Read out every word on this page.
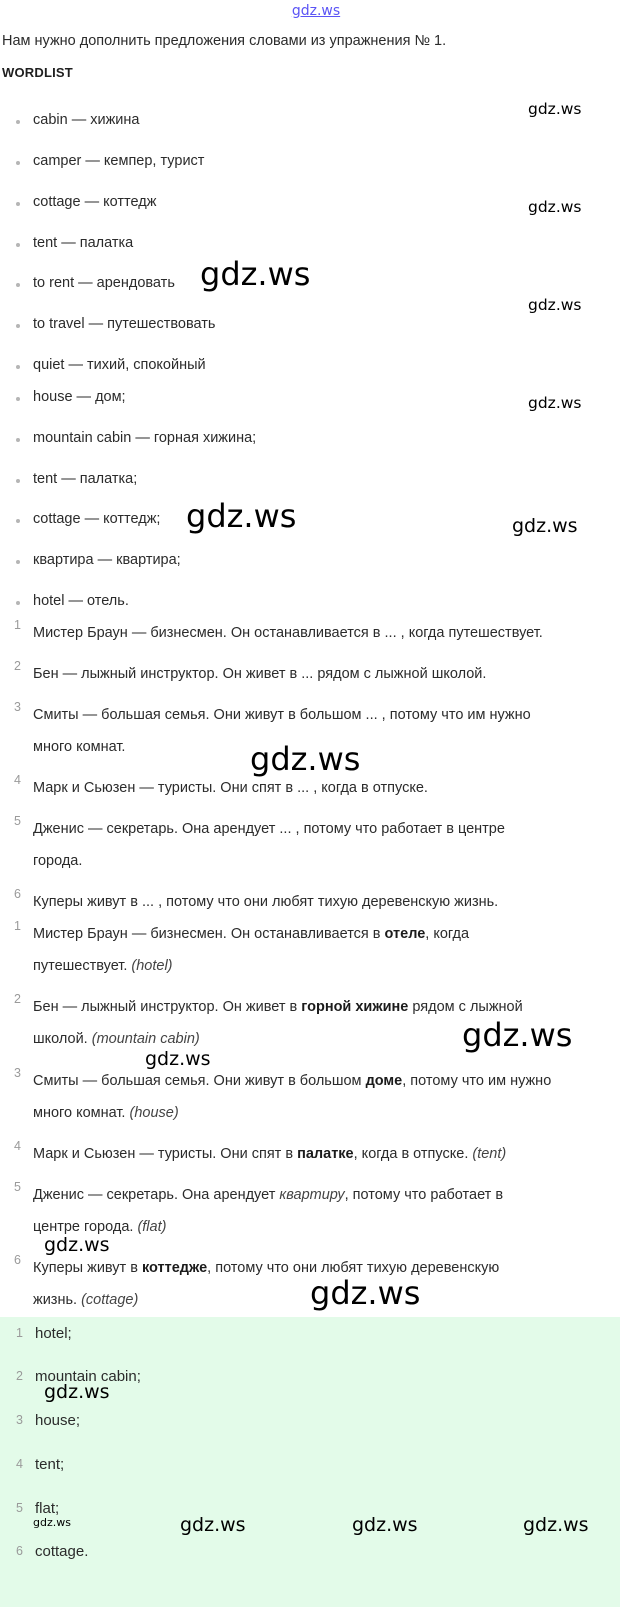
gdz.ws
Нам нужно дополнить предложения словами из упражнения № 1.
WORDLIST
cabin — хижина
camper — кемпер, турист
cottage — коттедж
tent — палатка
to rent — арендовать
to travel — путешествовать
quiet — тихий, спокойный
house — дом;
mountain cabin — горная хижина;
tent — палатка;
cottage — коттедж;
квартира — квартира;
hotel — отель.
1 Мистер Браун — бизнесмен. Он останавливается в ... , когда путешествует.
2 Бен — лыжный инструктор. Он живет в ... рядом с лыжной школой.
3 Смиты — большая семья. Они живут в большом ... , потому что им нужно
много комнат.
4 Марк и Сьюзен — туристы. Они спят в ... , когда в отпуске.
5 Дженис — секретарь. Она арендует ... , потому что работает в центре
города.
6 Куперы живут в ... , потому что они любят тихую деревенскую жизнь.
1 Мистер Браун — бизнесмен. Он останавливается в отеле, когда
путешествует. (hotel)
2 Бен — лыжный инструктор. Он живет в горной хижине рядом с лыжной
школой. (mountain cabin)
3 Смиты — большая семья. Они живут в большом доме, потому что им нужно
много комнат. (house)
4 Марк и Сьюзен — туристы. Они спят в палатке, когда в отпуске. (tent)
5 Дженис — секретарь. Она арендует квартиру, потому что работает в
центре города. (flat)
6 Куперы живут в коттедже, потому что они любят тихую деревенскую
жизнь. (cottage)
1 hotel;
2 mountain cabin;
3 house;
4 tent;
5 flat;
6 cottage.
gdz.ws
gdz.ws
gdz.ws
gdz.ws
gdz.ws
gdz.ws	gdz.ws
gdz.ws
gdz.ws
gdz.ws
gdz.ws
gdz.ws
gdz.ws
gdz.ws	gdz.ws	gdz.ws	gdz.ws
